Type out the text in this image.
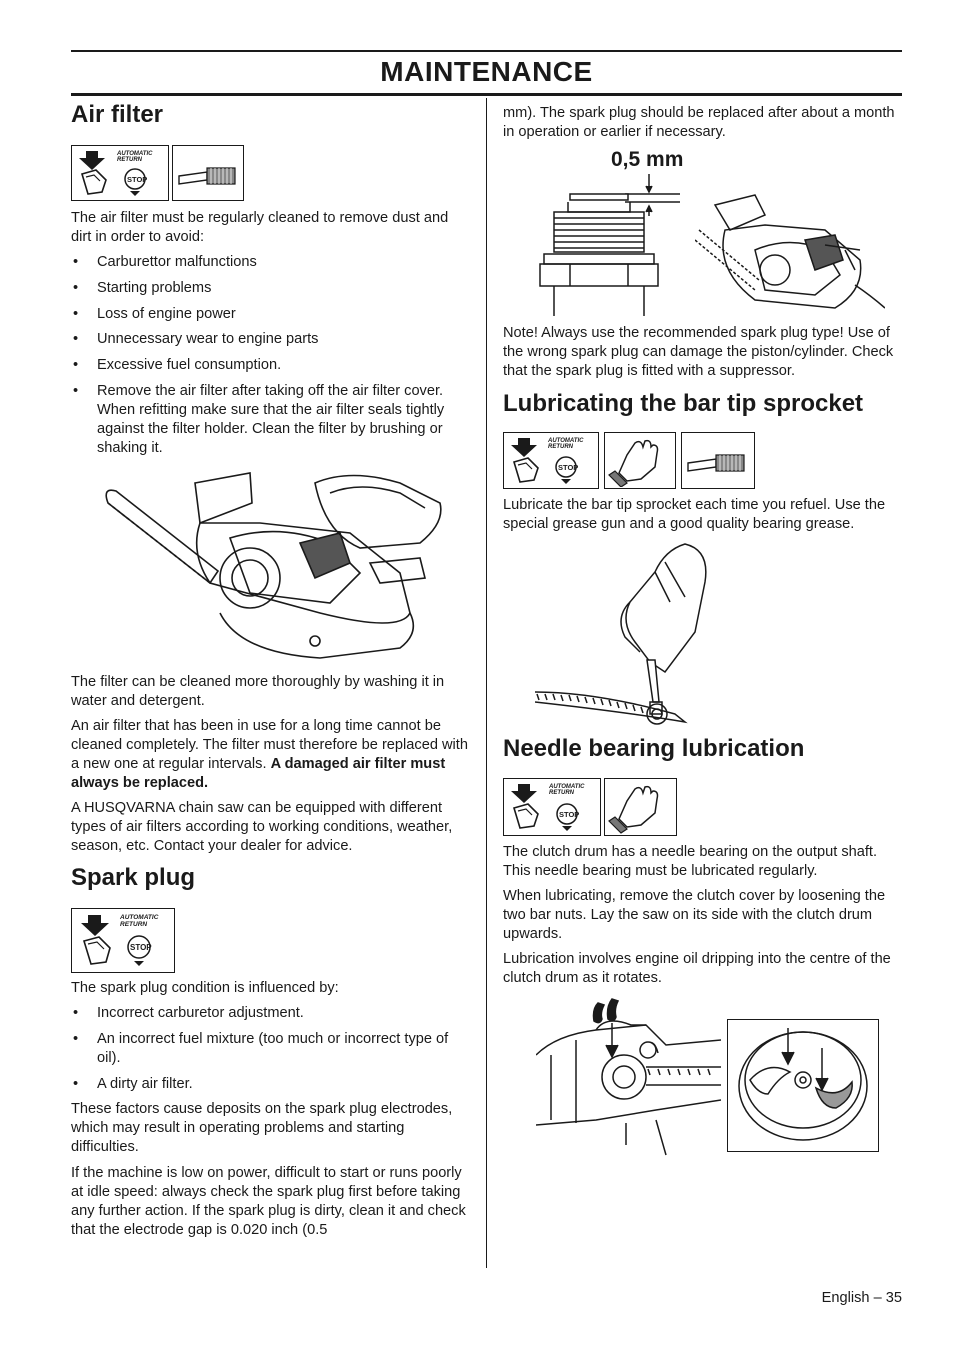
MAINTENANCE
Air filter
AUTOMATIC
RETURN
STOP

The air filter must be regularly cleaned to remove dust and dirt in order to avoid:

• Carburettor malfunctions
• Starting problems
• Loss of engine power
• Unnecessary wear to engine parts
• Excessive fuel consumption.
• Remove the air filter after taking off the air filter cover. When refitting make sure that the air filter seals tightly against the filter holder. Clean the filter by brushing or shaking it.

The filter can be cleaned more thoroughly by washing it in water and detergent.

An air filter that has been in use for a long time cannot be cleaned completely. The filter must therefore be replaced with a new one at regular intervals. A damaged air filter must always be replaced.

A HUSQVARNA chain saw can be equipped with different types of air filters according to working conditions, weather, season, etc. Contact your dealer for advice.

Spark plug
AUTOMATIC
RETURN
STOP

The spark plug condition is influenced by:

• Incorrect carburetor adjustment.
• An incorrect fuel mixture (too much or incorrect type of oil).
• A dirty air filter.

These factors cause deposits on the spark plug electrodes, which may result in operating problems and starting difficulties.

If the machine is low on power, difficult to start or runs poorly at idle speed: always check the spark plug first before taking any further action. If the spark plug is dirty, clean it and check that the electrode gap is 0.020 inch (0.5

mm). The spark plug should be replaced after about a month in operation or earlier if necessary.

0,5 mm

Note! Always use the recommended spark plug type! Use of the wrong spark plug can damage the piston/cylinder. Check that the spark plug is fitted with a suppressor.

Lubricating the bar tip sprocket
AUTOMATIC
RETURN
STOP

Lubricate the bar tip sprocket each time you refuel. Use the special grease gun and a good quality bearing grease.

Needle bearing lubrication
AUTOMATIC
RETURN
STOP

The clutch drum has a needle bearing on the output shaft. This needle bearing must be lubricated regularly.

When lubricating, remove the clutch cover by loosening the two bar nuts. Lay the saw on its side with the clutch drum upwards.

Lubrication involves engine oil dripping into the centre of the clutch drum as it rotates.

English – 35
